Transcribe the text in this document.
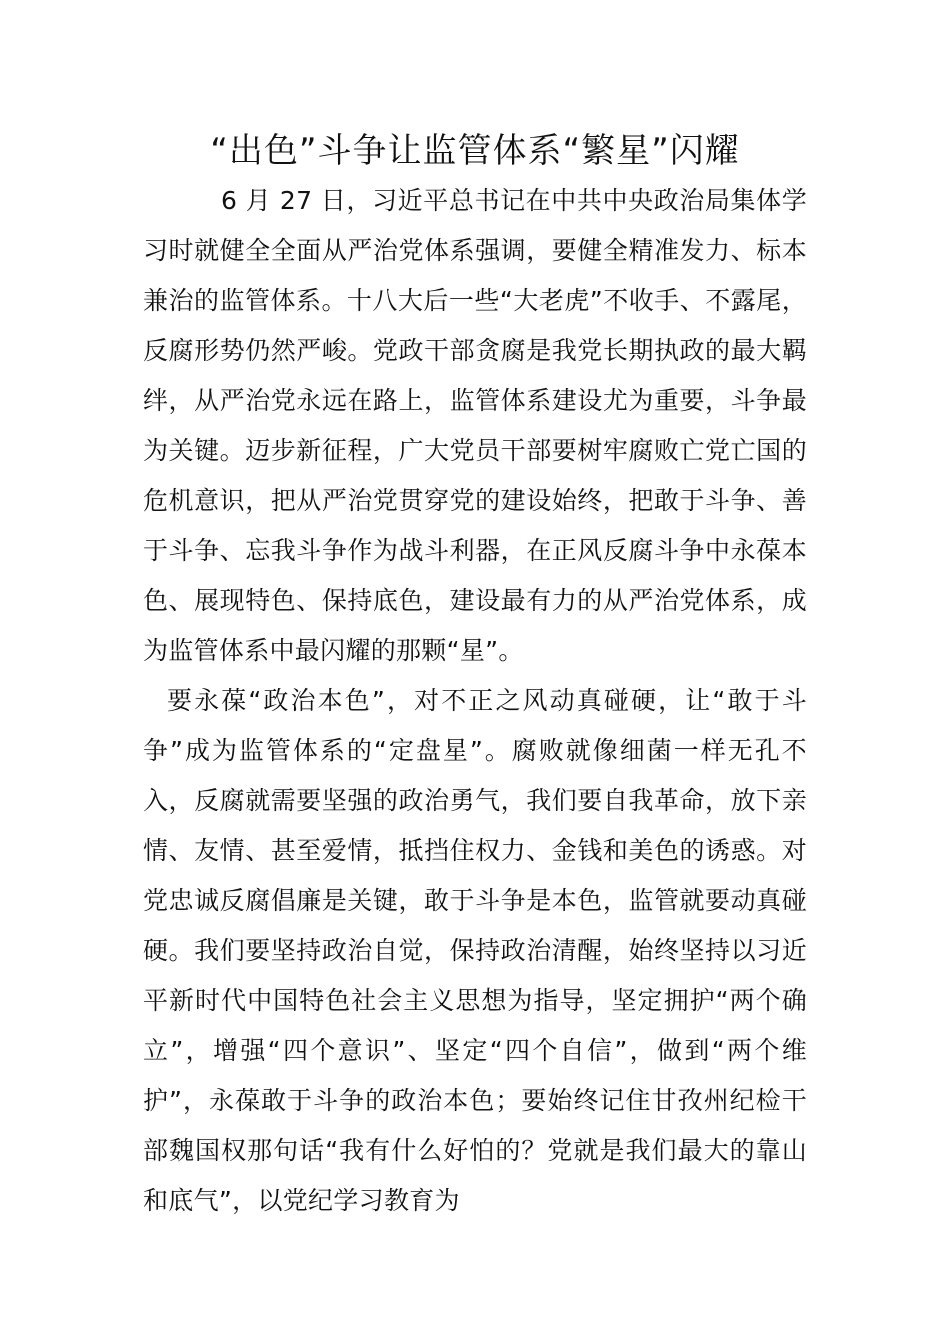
“出色”斗争让监管体系“繁星”闪耀

6 月 27 日，习近平总书记在中共中央政治局集体学习时就健全全面从严治党体系强调，要健全精准发力、标本兼治的监管体系。十八大后一些“大老虎”不收手、不露尾，反腐形势仍然严峻。党政干部贪腐是我党长期执政的最大羁绊，从严治党永远在路上，监管体系建设尤为重要，斗争最为关键。迈步新征程，广大党员干部要树牢腐败亡党亡国的危机意识，把从严治党贯穿党的建设始终，把敢于斗争、善于斗争、忘我斗争作为战斗利器，在正风反腐斗争中永葆本色、展现特色、保持底色，建设最有力的从严治党体系，成为监管体系中最闪耀的那颗“星”。

要永葆“政治本色”，对不正之风动真碰硬，让“敢于斗争”成为监管体系的“定盘星”。腐败就像细菌一样无孔不入，反腐就需要坚强的政治勇气，我们要自我革命，放下亲情、友情、甚至爱情，抵挡住权力、金钱和美色的诱惑。对党忠诚反腐倡廉是关键，敢于斗争是本色，监管就要动真碰硬。我们要坚持政治自觉，保持政治清醒，始终坚持以习近平新时代中国特色社会主义思想为指导，坚定拥护“两个确立”，增强“四个意识”、坚定“四个自信”，做到“两个维护”，永葆敢于斗争的政治本色；要始终记住甘孜州纪检干部魏国权那句话“我有什么好怕的？党就是我们最大的靠山和底气”，以党纪学习教育为
